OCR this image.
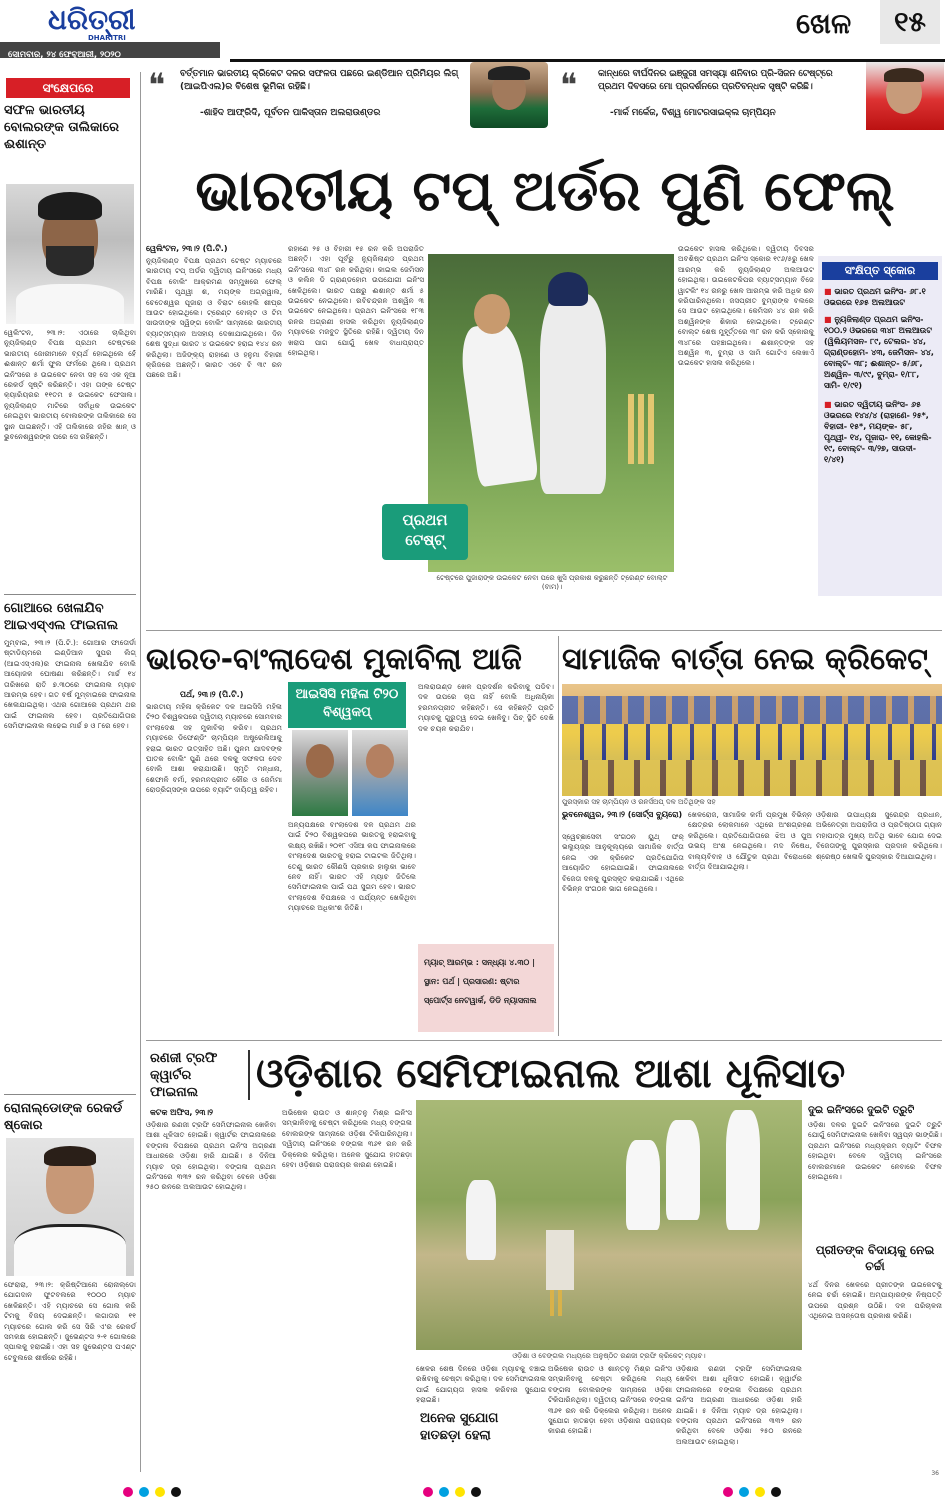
ଧରିତ୍ରୀ
DHARITRI
ସୋମବାର, ୨୪ ଫେବୃଆରୀ, ୨୦୨୦
ଖେଳ	୧୫
❝ ବର୍ତ୍ତମାନ ଭାରତୀୟ କ୍ରିକେଟ ଦଳର ସଫଳତା ପଛରେ ଇଣ୍ଡିଆନ ପ୍ରିମିୟର ଲିଗ୍ (ଆଇପିଏଲ)ର ବିଶେଷ ଭୂମିକା ରହିଛି।
-ଶାହିଦ ଆଫ୍ରିଦି, ପୂର୍ବତନ ପାକିସ୍ତାନ ଅଲରାଉଣ୍ଡର
❝ କାନ୍ଧରେ ବୀର୍ଘଦିନର ଇଞ୍ଜୁରୀ ସମସ୍ୟା ଶନିବାର ପ୍ରି-ସିଜନ ଟେଷ୍ଟ୍‌ରେ ପ୍ରଥମ ଦିବସରେ ମୋ ପ୍ରଦର୍ଶନରେ ପ୍ରତିବନ୍ଧକ ସୃଷ୍ଟି କରିଛି।
-ମାର୍କ ମର୍କେଜ, ବିଶ୍ୱ ମୋଟରସାଇକ୍ଲ ଚାମ୍ପିୟନ
ସଂକ୍ଷେପରେ
ସଫଳ ଭାରତୀୟ ବୋଲରଙ୍କ ତାଲିକାରେ ଈଶାନ୍ତ
ୱେଲିଂଟନ, ୨୩।୨: ଏଠାରେ ଚାଲିଥିବା ନ୍ୟୁଜିଲାଣ୍ଡ ବିପକ୍ଷ ପ୍ରଥମ ଟେଷ୍ଟରେ ଭାରତୀୟ ଜୋରୀମାନେ ବ୍ୟର୍ଥ ହୋଇଥିଲେ ହେଁ ଈଶାନ୍ତ ଶର୍ମା ଫୁଲ ଫର୍ମରେ ଥିଲେ। ପ୍ରଥମ ଇନିଂସରେ ୫ ଉଇକେଟ ନେବା ସହ ସେ ଏକ ନୂଆ ରେକର୍ଡ ସୃଷ୍ଟି କରିଛନ୍ତି। ଏହା ତାଙ୍କ ଟେଷ୍ଟ କ୍ୟାରିୟରର ୧୧ତମ ୫ ଉଇକେଟ ଫେସାଲ। ନ୍ୟୁଜିଲାଣ୍ଡ ମାଟିରେ ସର୍ବାଧିକ ଉଇକେଟ ନେଇଥିବା ଭାରତୀୟ ବୋଲରଙ୍କ ତାଲିକାରେ ସେ ସ୍ଥାନ ପାଇଛନ୍ତି। ଏହି ତାଲିକାରେ ଜହିର ଖାନ୍ ଓ ଭୁବନେଶ୍ୱରଙ୍କ ପରେ ସେ ରହିଛନ୍ତି।
ଗୋଆରେ ଖେଳାଯିବ ଆଇଏସ୍ଏଲ ଫାଇନାଲ
ମୁମ୍ବାଇ, ୨୩।୨ (ପି.ଟି.): ଗୋଆର ଫାତୋର୍ଡା ଷ୍ଟାଡିୟମରେ ଇଣ୍ଡିଆନ ସୁପର ଲିଗ୍ (ଆଇଏସ୍ଏଲ)ର ଫାଇନାଲ ଖେଳାଯିବ ବୋଲି ଆୟୋଜକ ଘୋଷଣା କରିଛନ୍ତି। ମାର୍ଚ୍ଚ ୧୪ ତାରିଖରେ ରାତି ୭.୩୦ରେ ଫାଇନାଲ ମ୍ୟାଚ ଆରମ୍ଭ ହେବ। ଗତ ବର୍ଷ ମୁମ୍ବାଇରେ ଫାଇନାଲ ଖେଳାଯାଇଥିଲା। ଏଥର ଗୋଆରେ ପ୍ରଥମ ଥର ପାଇଁ ଫାଇନାଲ ହେବ। ପ୍ରତିଯୋଗିତାର ସେମିଫାଇନାଲ ଲଢେଇ ମାର୍ଚ୍ଚ ୭ ଓ ୮ରେ ହେବ।
ରୋନାଲ୍ଡୋଙ୍କ ରେକର୍ଡ ଷ୍କୋର
ଫେରାରା, ୨୩।୨: କ୍ରିଷ୍ଟିଆନୋ ରୋନାଲ୍ଡୋ ଯୋଗଦାନ ଫୁଟବଲରେ ୧୦୦୦ ମ୍ୟାଚ ଖେଳିଛନ୍ତି। ଏହି ମ୍ୟାଚରେ ସେ ଗୋଲ କରି ଟିମକୁ ବିଜୟ ଦେଇଛନ୍ତି। ଲଗାତାର ୧୧ ମ୍ୟାଚରେ ଗୋଲ କରି ସେ ସିରି ଏ'ର ରେକର୍ଡ ସମକକ୍ଷ ହୋଇଛନ୍ତି। ଜୁଭେଣ୍ଟସ ୨-୧ ଗୋଲରେ ସ୍ପାଲକୁ ହରାଇଛି। ଏହା ସହ ଜୁଭେଣ୍ଟସ ପଏଣ୍ଟ ଟେବୁଲରେ ଶୀର୍ଷରେ ରହିଛି।
ଭାରତୀୟ ଟପ୍ ଅର୍ଡର ପୁଣି ଫେଲ୍
ୱେଲିଂଟନ, ୨୩।୨ (ପି.ଟି.)
ନ୍ୟୁଜିଲାଣ୍ଡ ବିପକ୍ଷ ପ୍ରଥମ ଟେଷ୍ଟ ମ୍ୟାଚରେ ଭାରତୀୟ ଟପ୍ ଅର୍ଡର ଦ୍ୱିତୀୟ ଇନିଂସରେ ମଧ୍ୟ ବିପକ୍ଷ ବୋଲିଂ ଆକ୍ରମଣ ସମ୍ମୁଖରେ ଫେଲ୍ ମାରିଛି। ପୃଥ୍ୱୀ ଶ, ମୟଙ୍କ ଅଗ୍ରୱାଲ, ଚେତେଶ୍ୱର ପୂଜାରା ଓ ବିରାଟ କୋହଲି ଶୀଘ୍ର ଆଉଟ ହୋଇଥିଲେ। ଟ୍ରେଣ୍ଟ ବୋଲ୍ଟ ଓ ଟିମ ସାଉଦୀଙ୍କ ସ୍ୱିଙ୍ଗ ବୋଲିଂ ସାମ୍ନାରେ ଭାରତୀୟ ବ୍ୟାଟ୍ସମ୍ୟାନ ଅସହାୟ ଦେଖାଯାଇଥିଲେ। ଦିନ ଶେଷ ସୁଦ୍ଧା ଭାରତ ୪ ଉଇକେଟ ହରାଇ ୧୪୪ ରନ କରିଥିଲା। ଅଜିଙ୍କ୍ୟ ରାହାଣେ ଓ ହନୁମା ବିହାରୀ କ୍ରିଜରେ ଅଛନ୍ତି। ଭାରତ ଏବେ ବି ୩୯ ରନ ପଛରେ ଅଛି।
ରହାଣେ ୨୫ ଓ ବିହାରୀ ୧୫ ରନ କରି ଅପରାଜିତ ଅଛନ୍ତି। ଏହା ପୂର୍ବରୁ ନ୍ୟୁଜିଲାଣ୍ଡ ପ୍ରଥମ ଇନିଂସରେ ୩୪୮ ରନ କରିଥିଲା। କାଇଲ ଜେମିସନ ଓ କଲିନ ଡି ଗ୍ରାଣ୍ଡହୋମ ଉପଯୋଗୀ ଇନିଂସ ଖେଳିଥିଲେ। ଭାରତ ପକ୍ଷରୁ ଈଶାନ୍ତ ଶର୍ମା ୫ ଉଇକେଟ ନେଇଥିଲେ। ରବିଚନ୍ଦ୍ରନ ଅଶ୍ୱିନ ୩ ଉଇକେଟ ନେଇଥିଲେ। ପ୍ରଥମ ଇନିଂସରେ ୧୮୩ ରନର ଅଗ୍ରଣୀ ହାସଲ କରିଥିବା ନ୍ୟୁଜିଲାଣ୍ଡ ମ୍ୟାଚରେ ମଜବୁତ ସ୍ଥିତିରେ ରହିଛି। ଦ୍ୱିତୀୟ ଦିନ ଖରାପ ପାଗ ଯୋଗୁଁ ଖେଳ ବାଧାପ୍ରାପ୍ତ ହୋଇଥିଲା।
ପ୍ରଥମ ଟେଷ୍ଟ୍
ଟେଷ୍ଟରେ ପୁଜାରାଙ୍କ ଉଇକେଟ ନେବା ପରେ ଖୁସି ପ୍ରକାଶ କରୁଛନ୍ତି ଟ୍ରେଣ୍ଟ ବୋଲ୍ଟ (ବାମ)।
ଉଇକେଟ ହାସଲ କରିଥିଲେ। ଦ୍ୱିତୀୟ ଦିବସର ଅବଶିଷ୍ଟ ପ୍ରଥମ ଇନିଂସ ସ୍କୋର ୧୯୬/୫ରୁ ଖେଳ ଆରମ୍ଭ କରି ନ୍ୟୁଜିଲାଣ୍ଡ ଅଲଆଉଟ ହୋଇଥିଲା। ଉଇକେଟକିପର ବ୍ୟାଟ୍ସମ୍ୟାନ ବିଜେ ୱାଟଲିଂ ୧୪ ରନରୁ ଖେଳ ଆରମ୍ଭ କରି ଅଧିକ ରନ କରିପାରିନଥିଲେ। ଜସପ୍ରୀତ ବୁମ୍ରାଙ୍କ ବଲରେ ସେ ଆଉଟ ହୋଇଥିଲେ। କେମିସନ ୪୪ ରନ କରି ଅଶ୍ୱିନଙ୍କ ଶିକାର ହୋଇଥିଲେ। ଟ୍ରେଣ୍ଟ ବୋଲ୍ଟ ଶେଷ ମୁହୂର୍ତ୍ତରେ ୩୮ ରନ କରି ସ୍କୋରକୁ ୩୪୮ରେ ପହଞ୍ଚାଇଥିଲେ। ଈଶାନ୍ତଙ୍କ ସହ ଅଶ୍ୱିନ ୩, ବୁମ୍ରା ଓ ସାମି ଗୋଟିଏ ଲେଖାଏଁ ଉଇକେଟ ହାସଲ କରିଥିଲେ।
ସଂକ୍ଷିପ୍ତ ସ୍କୋର
■ ଭାରତ ପ୍ରଥମ ଇନିଂସ- ୬୮.୧ ଓଭରରେ ୧୬୫ ଅଲଆଉଟ
■ ନ୍ୟୁଜିଲାଣ୍ଡ ପ୍ରଥମ ଇନିଂସ- ୧୦୦.୨ ଓଭରରେ ୩୪୮ ଅଲଆଉଟ (ୱିଲିୟମସନ- ୮୯, ଟେଲର- ୪୪, ଗ୍ରାଣ୍ଡହୋମ- ୪୩, ଜେମିସନ- ୪୪, ବୋଲ୍ଟ- ୩୮; ଈଶାନ୍ତ- ୫/୬୮, ଅଶ୍ୱିନ- ୩/୯୯, ବୁମ୍ରା- ୧/୮୮, ସାମି- ୧/୯୧)
■ ଭାରତ ଦ୍ୱିତୀୟ ଇନିଂସ- ୬୫ ଓଭରରେ ୧୪୪/୪ (ରାହାଣେ- ୨୫*, ବିହାରୀ- ୧୫*, ମୟଙ୍କ- ୫୮, ପୃଥ୍ୱୀ- ୧୪, ପୂଜାରା- ୧୧, କୋହଲି- ୧୯, ବୋଲ୍ଟ- ୩/୨୭, ସାଉଦୀ- ୧/୪୧)
ଭାରତ-ବାଂଲାଦେଶ ମୁକାବିଲା ଆଜି
ପର୍ଥ, ୨୩।୨ (ପି.ଟି.)
ଭାରତୀୟ ମହିଳା କ୍ରିକେଟ ଦଳ ଆଇସିସି ମହିଳା ଟି୨୦ ବିଶ୍ୱକପରେ ଦ୍ୱିତୀୟ ମ୍ୟାଚରେ ସୋମବାର ବାଂଲାଦେଶ ସହ ମୁକାବିଲା କରିବ। ପ୍ରଥମ ମ୍ୟାଚରେ ଡିଫେଣ୍ଡିଂ ଚାମ୍ପିୟନ ଅଷ୍ଟ୍ରେଲିଆକୁ ହରାଇ ଭାରତ ଉତ୍ସାହିତ ଅଛି। ପୁନମ ଯାଦବଙ୍କ ଘାତକ ବୋଲିଂ ପୁଣି ଥରେ ଦଳକୁ ସଫଳତା ଦେବ ବୋଲି ଆଶା କରାଯାଉଛି। ସ୍ମୃତି ମନ୍ଧାନା, ଶେଫାଳି ବର୍ମା, ହରମନପ୍ରୀତ କୌର ଓ ଜେମିମା ରୋଡ୍ରିଗ୍ସଙ୍କ ଉପରେ ବ୍ୟାଟିଂ ଦାୟିତ୍ୱ ରହିବ।
ଆଇସିସି ମହିଳା ଟି୨୦ ବିଶ୍ୱକପ୍
ଅନ୍ୟପକ୍ଷରେ ବାଂଲାଦେଶ ଦଳ ପ୍ରଥମ ଥର ପାଇଁ ଟି୨୦ ବିଶ୍ୱକପରେ ଭାରତକୁ ହରାଇବାକୁ ଲକ୍ଷ୍ୟ ରଖିଛି। ୨୦୧୮ ଏସିଆ କପ ଫାଇନାଲରେ ବାଂଲାଦେଶ ଭାରତକୁ ହରାଇ ଟାଇଟଲ ଜିତିଥିଲା। ତେଣୁ ଭାରତ କୌଣସି ପ୍ରକାର ହାଲୁକା ଭାବେ ନେବ ନାହିଁ। ଭାରତ ଏହି ମ୍ୟାଚ ଜିତିଲେ ସେମିଫାଇନାଲ ପାଇଁ ପଥ ସୁଗମ ହେବ। ଭାରତ ବାଂଲାଦେଶ ବିପକ୍ଷରେ ଏ ପର୍ଯ୍ୟନ୍ତ ଖେଳିଥିବା ମ୍ୟାଚରେ ଅଧିକାଂଶ ଜିତିଛି।
ଅଲରାଉଣ୍ଡ ଖେଳ ପ୍ରଦର୍ଶନ କରିବାକୁ ପଡିବ। ଦଳ ଉପରେ ଚାପ ନାହିଁ ବୋଲି ଅଧିନାୟିକା ହରମନପ୍ରୀତ କହିଛନ୍ତି। ସେ କହିଛନ୍ତି ପ୍ରତି ମ୍ୟାଚକୁ ଗୁରୁତ୍ୱ ଦେଇ ଖେଳିବୁ। ପିଚ୍ ସ୍ଥିତି ଦେଖି ଦଳ ଚୟନ କରାଯିବ।
ମ୍ୟାଚ୍ ଆରମ୍ଭ : ସନ୍ଧ୍ୟା ୪.୩୦ | ସ୍ଥାନ: ପର୍ଥ | ପ୍ରସାରଣ: ଷ୍ଟାର ସ୍ପୋର୍ଟ୍ସ ନେଟୱାର୍କ, ଡିଡି ନ୍ୟାସନାଲ
ସାମାଜିକ ବାର୍ତ୍ତା ନେଇ କ୍ରିକେଟ୍
ପୁରସ୍କାର ସହ ଚାମ୍ପିୟନ ଓ ରନର୍ସଅପ୍ ଦଳ ଅତିଥିଙ୍କ ସହ
ଭୁବନେଶ୍ୱର, ୨୩।୨ (ସୋର୍ଟ୍ସ ବ୍ୟୁରୋ)
ସ୍ୱେଚ୍ଛାସେବୀ ସଂଗଠନ ୟୁଥ୍ ଫର୍ ଭଲ୍ୟୁଜ୍‌ର ଆନୁକୂଲ୍ୟରେ ସାମାଜିକ ବାର୍ତ୍ତା ନେଇ ଏକ କ୍ରିକେଟ ପ୍ରତିଯୋଗିତା ଆୟୋଜିତ ହୋଇଯାଇଛି। ଫାଇନାଲରେ ବିଜେତା ଦଳକୁ ପୁରସ୍କୃତ କରାଯାଇଛି। ଏଥିରେ ବିଭିନ୍ନ ସଂଗଠନ ଭାଗ ନେଇଥିଲେ।
ଖେଳରୋଜ, ସାମାଜିକ କର୍ମୀ ପ୍ରମୁଖ ବିଭିନ୍ନ କ୍ଷେତ୍ରର ଲୋକମାନେ ଏଥିରେ ଅଂଶଗ୍ରହଣ କରିଥିଲେ। ପ୍ରତିଯୋଗିତାରେ ଝିଅ ଓ ପୁଅ ଉଭୟ ଅଂଶ ନେଇଥିଲେ। ମଦ ନିଷେଧ, ବାଲ୍ୟବିବାହ ଓ ଯୌତୁକ ପ୍ରଥା ବିରୋଧରେ ବାର୍ତ୍ତା ଦିଆଯାଇଥିଲା।
ଓଡ଼ିଶାର ଉପାଧ୍ୟକ୍ଷ ସୁରେନ୍ଦ୍ର ପ୍ରଧାନ, ଅଭିନେତ୍ରୀ ଅପରାଜିତା ଓ ପ୍ରତିଷ୍ଠାତା ଗ୍ୟାନ ମହାପାତ୍ର ମୁଖ୍ୟ ଅତିଥି ଭାବେ ଯୋଗ ଦେଇ ବିଜେତାଙ୍କୁ ପୁରସ୍କାର ପ୍ରଦାନ କରିଥିଲେ। ଶ୍ରେଷ୍ଠ ଖେଳାଳି ପୁରସ୍କାର ଦିଆଯାଇଥିଲା।
ରଣଜୀ ଟ୍ରଫି କ୍ୱାର୍ଟର ଫାଇନାଲ	ଓଡ଼ିଶାର ସେମିଫାଇନାଲ ଆଶା ଧୂଳିସାତ
କଟକ ଅଫିସ, ୨୩।୨
ଓଡ଼ିଶାର ରଣଜୀ ଟ୍ରଫି ସେମିଫାଇନାଲ ଖେଳିବା ଆଶା ଧୂଳିସାତ ହୋଇଛି। କ୍ୱାର୍ଟର ଫାଇନାଲରେ ବଙ୍ଗଳା ବିପକ୍ଷରେ ପ୍ରଥମ ଇନିଂସ ଅଗ୍ରଣୀ ଆଧାରରେ ଓଡ଼ିଶା ହାରି ଯାଇଛି। ୫ ଦିନିଆ ମ୍ୟାଚ ଡ୍ର ହୋଇଥିଲା। ବଙ୍ଗଳା ପ୍ରଥମ ଇନିଂସରେ ୩୩୨ ରନ କରିଥିବା ବେଳେ ଓଡ଼ିଶା ୨୫୦ ରନରେ ଅଲଆଉଟ ହୋଇଥିଲା।
ଅଭିଷେକ ରାଉତ ଓ ଶାନ୍ତନୁ ମିଶ୍ର ଇନିଂସ ସମ୍ଭାଳିବାକୁ ଚେଷ୍ଟା କରିଥିଲେ ମଧ୍ୟ ବଙ୍ଗଳା ବୋଲରଙ୍କ ସାମ୍ନାରେ ଓଡ଼ିଶା ଟିକିପାରିନଥିଲା। ଦ୍ୱିତୀୟ ଇନିଂସରେ ବଙ୍ଗଳା ୩୬୧ ରନ କରି ଡିକ୍ଲେର କରିଥିଲା। ଅନେକ ସୁଯୋଗ ହାତଛଡ଼ା ହେବା ଓଡ଼ିଶାର ପରାଜୟର କାରଣ ହୋଇଛି।
ଓଡ଼ିଶା ଓ ବେଙ୍ଗଲ ମଧ୍ୟରେ ଅନୁଷ୍ଠିତ ରଣଜୀ ଟ୍ରଫି କ୍ରିକେଟ୍ ମ୍ୟାଚ।
ଖେଳର ଶେଷ ଦିନରେ ଓଡ଼ିଶା ମ୍ୟାଚକୁ ବଞ୍ଚାଇ ରଖିବାକୁ ଚେଷ୍ଟା କରିଥିଲା। ଦଳ ସେମିଫାଇନାଲ ପାଇଁ ଯୋଗ୍ୟତା ହାସଲ କରିବାର ସୁଯୋଗ ହରାଇଛି।
ଅନେକ ସୁଯୋଗ ହାତଛଡ଼ା ହେଲା
ଅଭିଷେକ ରାଉତ ଓ ଶାନ୍ତନୁ ମିଶ୍ର ଇନିଂସ ସମ୍ଭାଳିବାକୁ ଚେଷ୍ଟା କରିଥିଲେ ମଧ୍ୟ ବଙ୍ଗଳା ବୋଲରଙ୍କ ସାମ୍ନାରେ ଓଡ଼ିଶା ଟିକିପାରିନଥିଲା। ଦ୍ୱିତୀୟ ଇନିଂସରେ ବଙ୍ଗଳା ୩୬୧ ରନ କରି ଡିକ୍ଲେର କରିଥିଲା। ଅନେକ ସୁଯୋଗ ହାତଛଡ଼ା ହେବା ଓଡ଼ିଶାର ପରାଜୟର କାରଣ ହୋଇଛି।
ଓଡ଼ିଶାର ରଣଜୀ ଟ୍ରଫି ସେମିଫାଇନାଲ ଖେଳିବା ଆଶା ଧୂଳିସାତ ହୋଇଛି। କ୍ୱାର୍ଟର ଫାଇନାଲରେ ବଙ୍ଗଳା ବିପକ୍ଷରେ ପ୍ରଥମ ଇନିଂସ ଅଗ୍ରଣୀ ଆଧାରରେ ଓଡ଼ିଶା ହାରି ଯାଇଛି। ୫ ଦିନିଆ ମ୍ୟାଚ ଡ୍ର ହୋଇଥିଲା। ବଙ୍ଗଳା ପ୍ରଥମ ଇନିଂସରେ ୩୩୨ ରନ କରିଥିବା ବେଳେ ଓଡ଼ିଶା ୨୫୦ ରନରେ ଅଲଆଉଟ ହୋଇଥିଲା।
ଦୁଇ ଇନିଂସରେ ଦୁଇଟି ତ୍ରୁଟି
ଓଡ଼ିଶା ଦଳର ଦୁଇଟି ଇନିଂସରେ ଦୁଇଟି ତ୍ରୁଟି ଯୋଗୁଁ ସେମିଫାଇନାଲ ଖେଳିବା ସ୍ୱପ୍ନ ଭାଙ୍ଗିଛି। ପ୍ରଥମ ଇନିଂସରେ ମଧ୍ୟକ୍ରମ ବ୍ୟାଟିଂ ବିଫଳ ହୋଇଥିବା ବେଳେ ଦ୍ୱିତୀୟ ଇନିଂସରେ ବୋଲରମାନେ ଉଇକେଟ ନେବାରେ ବିଫଳ ହୋଇଥିଲେ।
ପ୍ରୀତଙ୍କ ବିଦାୟକୁ ନେଇ ଚର୍ଚ୍ଚା
୪ର୍ଥ ଦିନର ଖେଳରେ ପ୍ରୀତଙ୍କ ଉଇକେଟକୁ ନେଇ ଚର୍ଚ୍ଚା ହୋଇଛି। ଅମ୍ପାୟାରଙ୍କ ନିଷ୍ପତ୍ତି ଉପରେ ପ୍ରଶ୍ନ ଉଠିଛି। ଦଳ ପରିଚାଳନା ଏଥିନେଇ ଅସନ୍ତୋଷ ପ୍ରକାଶ କରିଛି।
36
